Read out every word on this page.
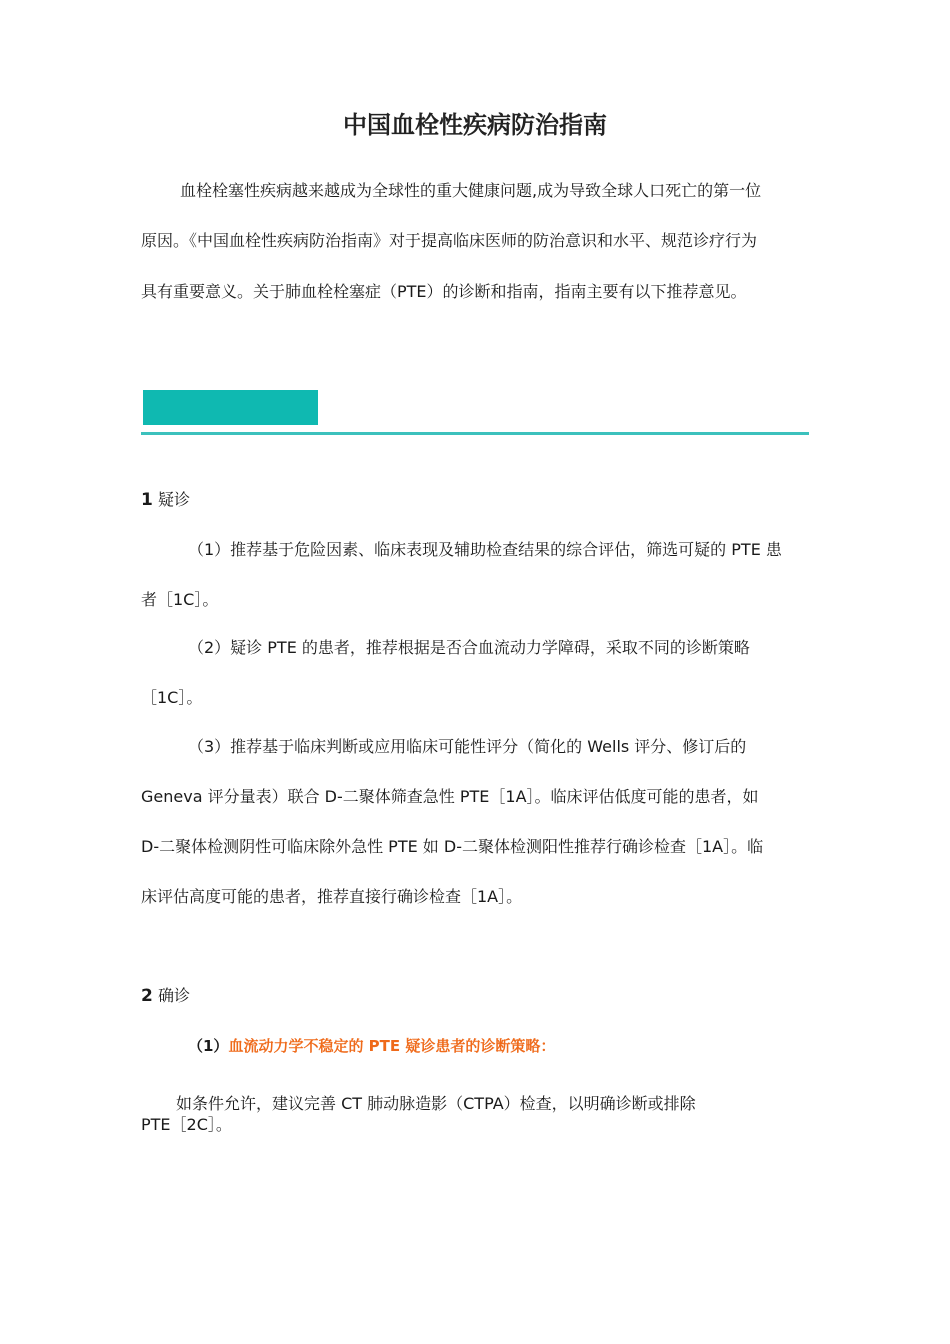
中国血栓性疾病防治指南
血栓栓塞性疾病越来越成为全球性的重大健康问题,成为导致全球人口死亡的第一位
原因。《中国血栓性疾病防治指南》对于提高临床医师的防治意识和水平、规范诊疗行为
具有重要意义。关于肺血栓栓塞症（PTE）的诊断和指南，指南主要有以下推荐意见。
1 疑诊
（1）推荐基于危险因素、临床表现及辅助检查结果的综合评估，筛选可疑的 PTE 患
者［1C］。
（2）疑诊 PTE 的患者，推荐根据是否合血流动力学障碍，采取不同的诊断策略
［1C］。
（3）推荐基于临床判断或应用临床可能性评分（简化的 Wells 评分、修订后的
Geneva 评分量表）联合 D-二聚体筛查急性 PTE［1A］。临床评估低度可能的患者，如
D-二聚体检测阴性可临床除外急性 PTE 如 D-二聚体检测阳性推荐行确诊检查［1A］。临
床评估高度可能的患者，推荐直接行确诊检查［1A］。
2 确诊
（1）血流动力学不稳定的 PTE 疑诊患者的诊断策略：
如条件允许，建议完善 CT 肺动脉造影（CTPA）检查，以明确诊断或排除
PTE［2C］。
